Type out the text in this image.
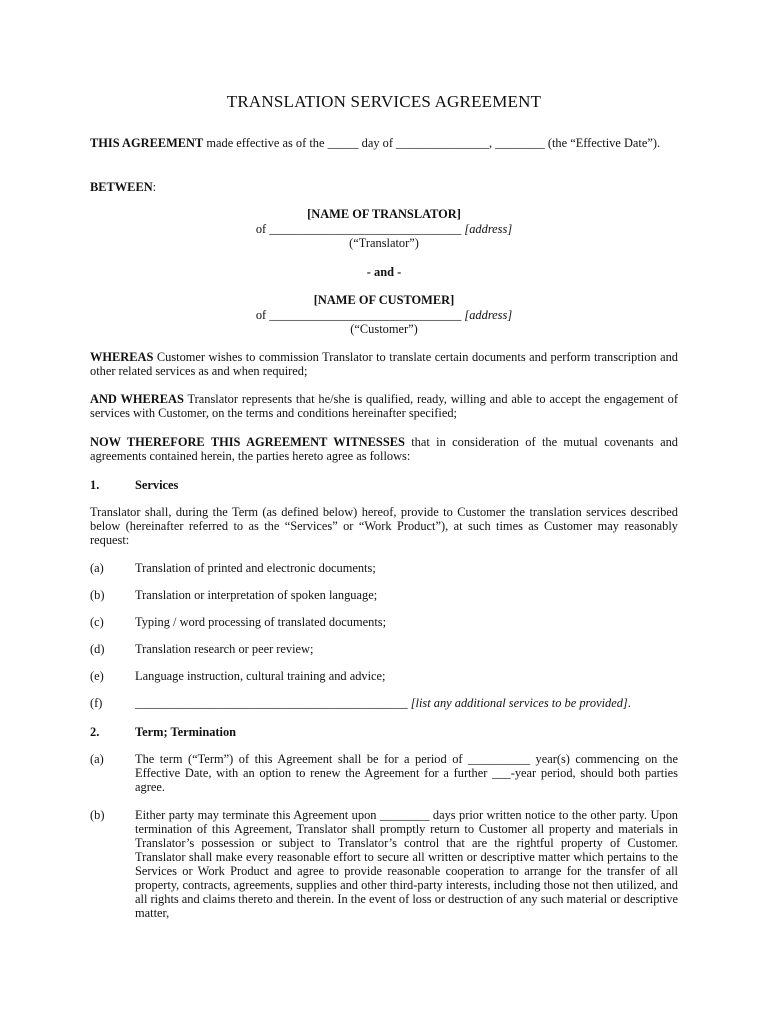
TRANSLATION SERVICES AGREEMENT
THIS AGREEMENT made effective as of the _____ day of _______________, ________ (the “Effective Date”).
BETWEEN:
[NAME OF TRANSLATOR]
of _______________________________ [address]
(“Translator”)
- and -
[NAME OF CUSTOMER]
of _______________________________ [address]
(“Customer”)
WHEREAS Customer wishes to commission Translator to translate certain documents and perform transcription and other related services as and when required;
AND WHEREAS Translator represents that he/she is qualified, ready, willing and able to accept the engagement of services with Customer, on the terms and conditions hereinafter specified;
NOW THEREFORE THIS AGREEMENT WITNESSES that in consideration of the mutual covenants and agreements contained herein, the parties hereto agree as follows:
1.	Services
Translator shall, during the Term (as defined below) hereof, provide to Customer the translation services described below (hereinafter referred to as the “Services” or “Work Product”), at such times as Customer may reasonably request:
(a)	Translation of printed and electronic documents;
(b) Translation or interpretation of spoken language;
(c)	Typing / word processing of translated documents;
(d) Translation research or peer review;
(e)	Language instruction, cultural training and advice;
(f)	____________________________________________ [list any additional services to be provided].
2.	Term; Termination
(a)	The term (“Term”) of this Agreement shall be for a period of __________ year(s) commencing on the Effective Date, with an option to renew the Agreement for a further ___-year period, should both parties agree.
(b) Either party may terminate this Agreement upon ________ days prior written notice to the other party. Upon termination of this Agreement, Translator shall promptly return to Customer all property and materials in Translator’s possession or subject to Translator’s control that are the rightful property of Customer. Translator shall make every reasonable effort to secure all written or descriptive matter which pertains to the Services or Work Product and agree to provide reasonable cooperation to arrange for the transfer of all property, contracts, agreements, supplies and other third-party interests, including those not then utilized, and all rights and claims thereto and therein. In the event of loss or destruction of any such material or descriptive matter,
